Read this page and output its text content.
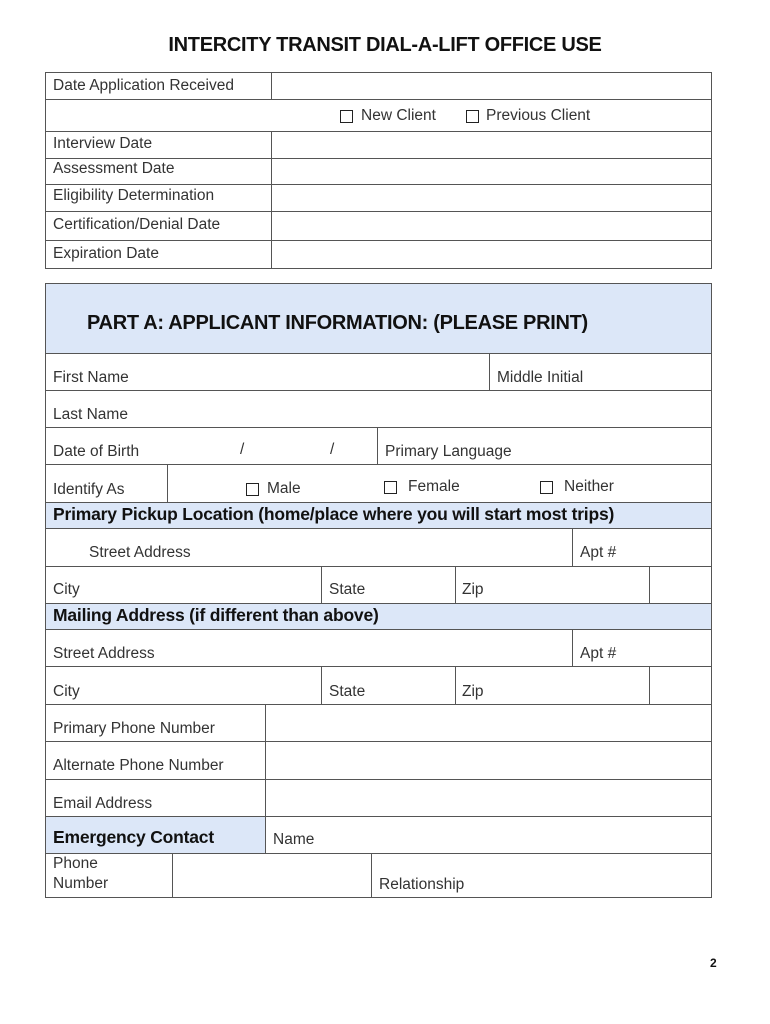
INTERCITY TRANSIT DIAL-A-LIFT OFFICE USE
Date Application Received
New Client	Previous Client
Interview Date
Assessment Date
Eligibility Determination
Certification/Denial Date
Expiration Date
PART A: APPLICANT INFORMATION: (PLEASE PRINT)
First Name	Middle Initial
Last Name
Date of Birth	/	/	Primary Language
Identify As	Male	Female	Neither
Primary Pickup Location (home/place where you will start most trips)
Street Address	Apt #
City	State	Zip
Mailing Address (if different than above)
Street Address	Apt #
City	State	Zip
Primary Phone Number
Alternate Phone Number
Email Address
Emergency Contact	Name
Phone
Number	Relationship
2
